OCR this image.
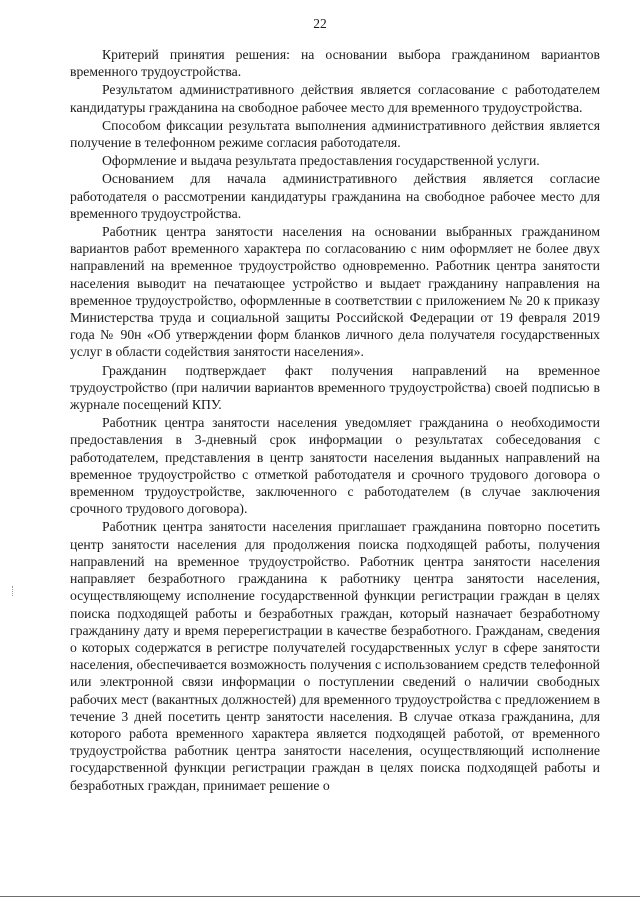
22

Критерий принятия решения: на основании выбора гражданином вариантов временного трудоустройства.

Результатом административного действия является согласование с работодателем кандидатуры гражданина на свободное рабочее место для временного трудоустройства.

Способом фиксации результата выполнения административного действия является получение в телефонном режиме согласия работодателя.

Оформление и выдача результата предоставления государственной услуги.

Основанием для начала административного действия является согласие работодателя о рассмотрении кандидатуры гражданина на свободное рабочее место для временного трудоустройства.

Работник центра занятости населения на основании выбранных гражданином вариантов работ временного характера по согласованию с ним оформляет не более двух направлений на временное трудоустройство одновременно. Работник центра занятости населения выводит на печатающее устройство и выдает гражданину направления на временное трудоустройство, оформленные в соответствии с приложением № 20 к приказу Министерства труда и социальной защиты Российской Федерации от 19 февраля 2019 года № 90н «Об утверждении форм бланков личного дела получателя государственных услуг в области содействия занятости населения».

Гражданин подтверждает факт получения направлений на временное трудоустройство (при наличии вариантов временного трудоустройства) своей подписью в журнале посещений КПУ.

Работник центра занятости населения уведомляет гражданина о необходимости предоставления в 3-дневный срок информации о результатах собеседования с работодателем, представления в центр занятости населения выданных направлений на временное трудоустройство с отметкой работодателя и срочного трудового договора о временном трудоустройстве, заключенного с работодателем (в случае заключения срочного трудового договора).

Работник центра занятости населения приглашает гражданина повторно посетить центр занятости населения для продолжения поиска подходящей работы, получения направлений на временное трудоустройство. Работник центра занятости населения направляет безработного гражданина к работнику центра занятости населения, осуществляющему исполнение государственной функции регистрации граждан в целях поиска подходящей работы и безработных граждан, который назначает безработному гражданину дату и время перерегистрации в качестве безработного. Гражданам, сведения о которых содержатся в регистре получателей государственных услуг в сфере занятости населения, обеспечивается возможность получения с использованием средств телефонной или электронной связи информации о поступлении сведений о наличии свободных рабочих мест (вакантных должностей) для временного трудоустройства с предложением в течение 3 дней посетить центр занятости населения. В случае отказа гражданина, для которого работа временного характера является подходящей работой, от временного трудоустройства работник центра занятости населения, осуществляющий исполнение государственной функции регистрации граждан в целях поиска подходящей работы и безработных граждан, принимает решение о
